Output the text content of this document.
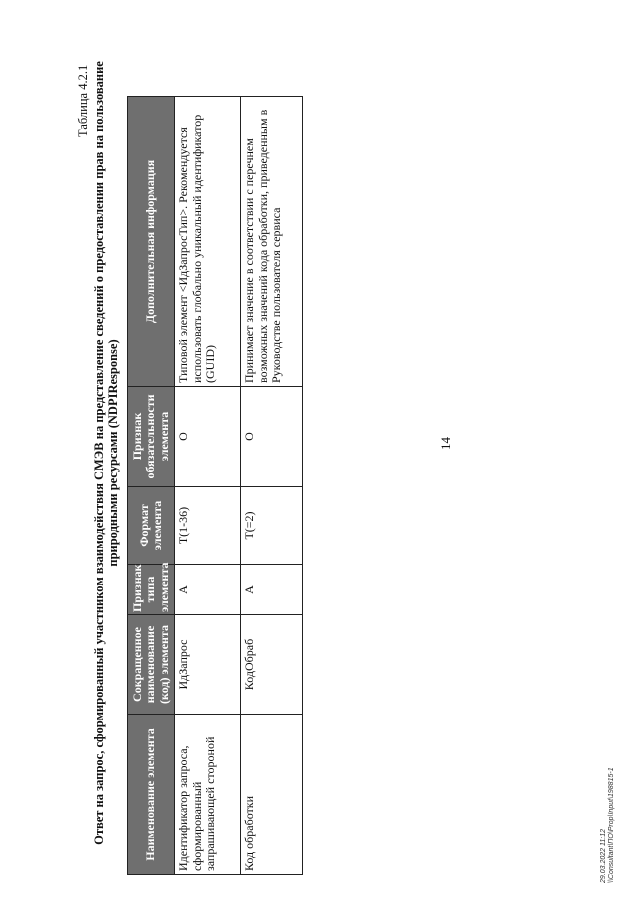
Таблица 4.2.1
14
Ответ на запрос, сформированный участником взаимодействия СМЭВ на представление сведений о предоставлении прав на пользование природными ресурсами (NDPIResponse)
Наименование элемента	Сокращенное наименование (код) элемента	Признак типа элемента	Формат элемента	Признак обязательности элемента	Дополнительная информация
Идентификатор запроса, сформированный запрашивающей стороной	ИдЗапрос	А	T(1-36)	О	Типовой элемент <ИдЗапросТип>. Рекомендуется использовать глобально уникальный идентификатор (GUID)
Код обработки	КодОбраб	А	T(=2)	О	Принимает значение в соответствии с перечнем возможных значений кода обработки, приведенным в Руководстве пользователя сервиса
29.03.2022 11:12 \\Consultant\ПО\Prop\Input\198815-1
